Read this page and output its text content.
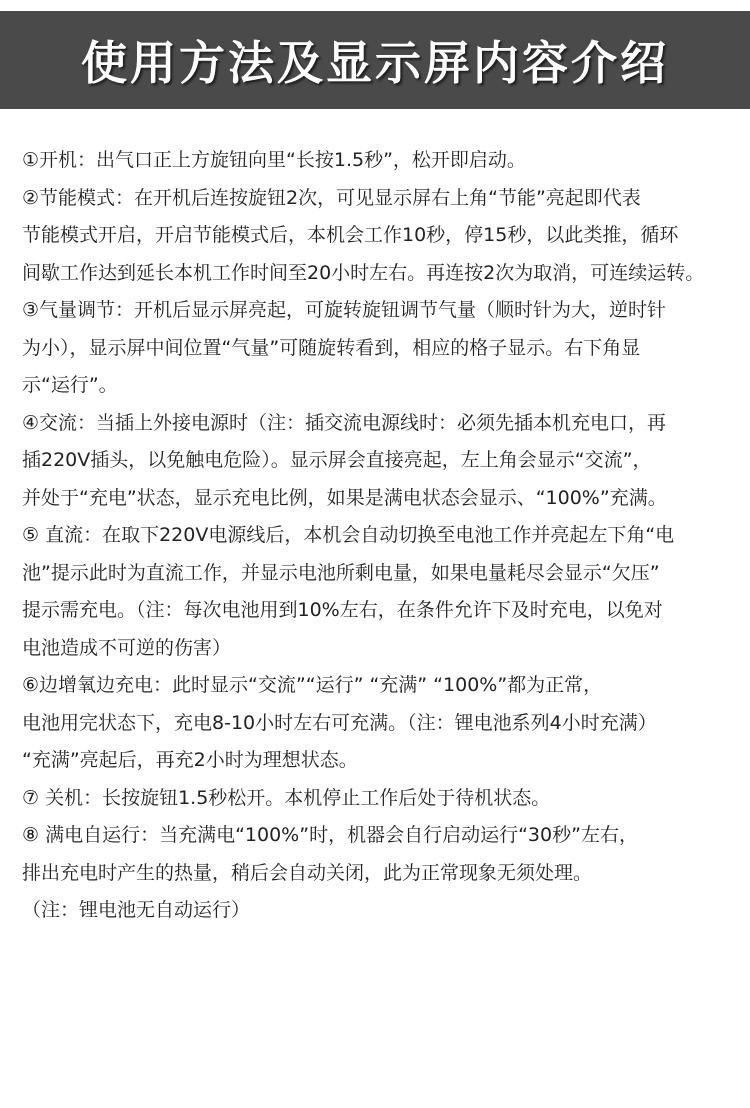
使用方法及显示屏内容介绍
①开机：出气口正上方旋钮向里“长按1.5秒”，松开即启动。
②节能模式：在开机后连按旋钮2次，可见显示屏右上角“节能”亮起即代表
节能模式开启，开启节能模式后，本机会工作10秒，停15秒，以此类推，循环
间歇工作达到延长本机工作时间至20小时左右。再连按2次为取消，可连续运转。
③气量调节：开机后显示屏亮起，可旋转旋钮调节气量（顺时针为大，逆时针
为小），显示屏中间位置“气量”可随旋转看到，相应的格子显示。右下角显
示“运行”。
④交流：当插上外接电源时（注：插交流电源线时：必须先插本机充电口，再
插220V插头，以免触电危险）。显示屏会直接亮起，左上角会显示“交流”，
并处于“充电”状态，显示充电比例，如果是满电状态会显示、“100%”充满。
⑤ 直流：在取下220V电源线后，本机会自动切换至电池工作并亮起左下角“电
池”提示此时为直流工作，并显示电池所剩电量，如果电量耗尽会显示“欠压”
提示需充电。（注：每次电池用到10%左右，在条件允许下及时充电，以免对
电池造成不可逆的伤害）
⑥边增氧边充电：此时显示“交流”“运行” “充满” “100%”都为正常，
电池用完状态下，充电8-10小时左右可充满。（注：锂电池系列4小时充满）
“充满”亮起后，再充2小时为理想状态。
⑦ 关机：长按旋钮1.5秒松开。本机停止工作后处于待机状态。
⑧ 满电自运行：当充满电“100%”时，机器会自行启动运行“30秒”左右，
排出充电时产生的热量，稍后会自动关闭，此为正常现象无须处理。
（注：锂电池无自动运行）
